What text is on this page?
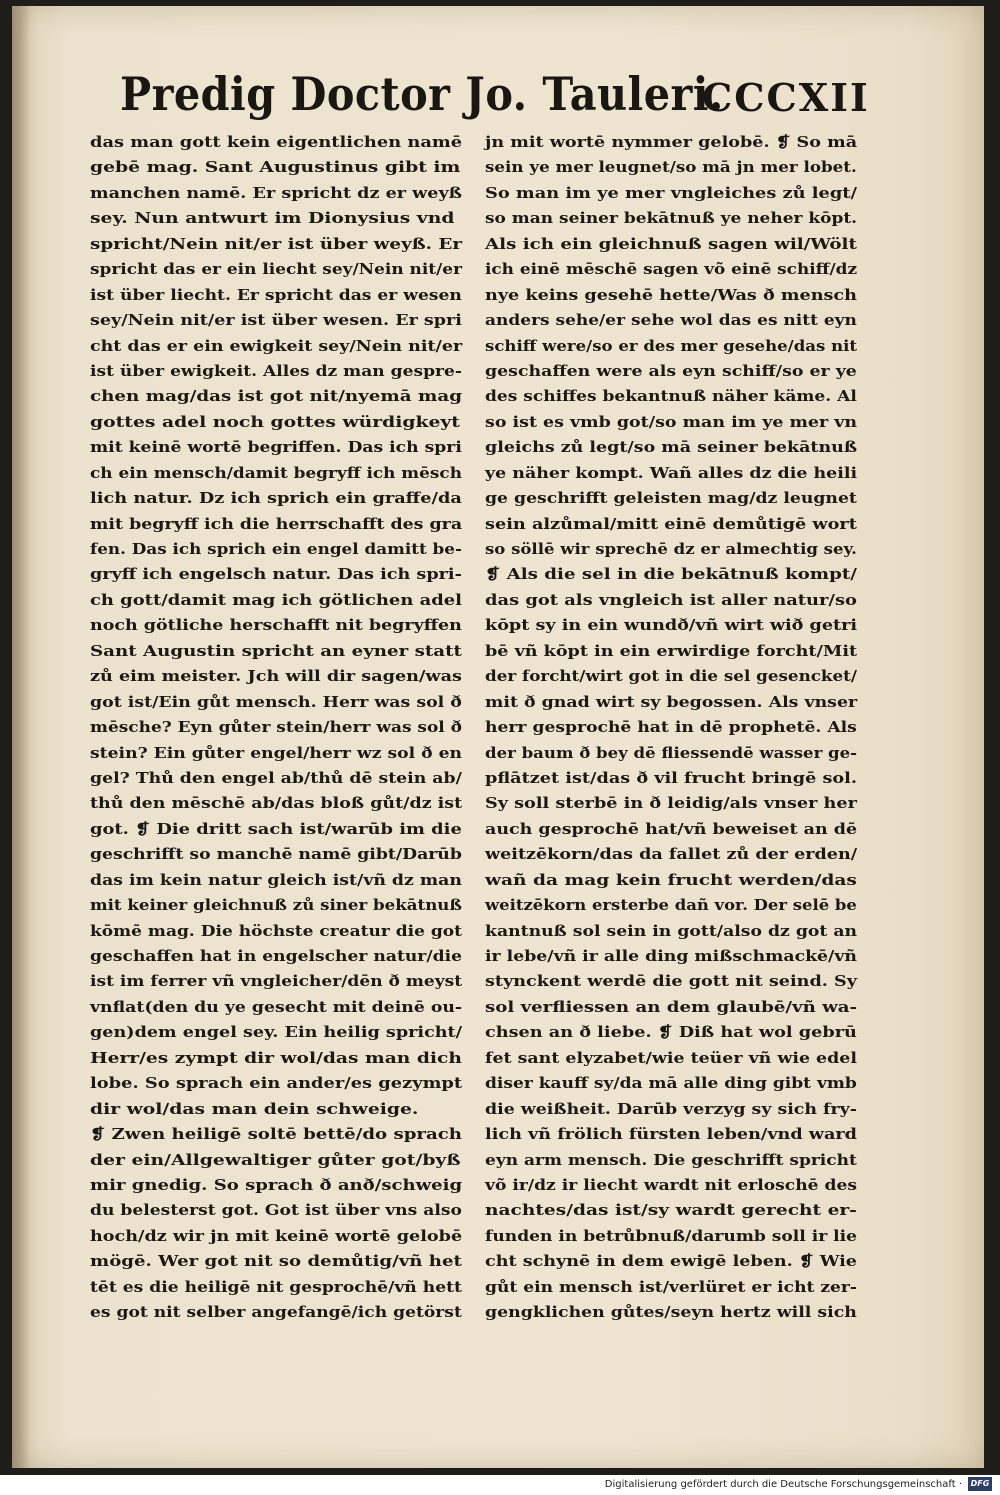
Predig Doctor Jo. Tauleri.
CCCXII
das man gott kein eigentlichen namē
gebē mag. Sant Augustinus gibt im
manchen namē. Er spricht dz er weyß
sey. Nun antwurt im Dionysius vnd
spricht/Nein nit/er ist über weyß. Er
spricht das er ein liecht sey/Nein nit/er
ist über liecht. Er spricht das er wesen
sey/Nein nit/er ist über wesen. Er spri
cht das er ein ewigkeit sey/Nein nit/er
ist über ewigkeit. Alles dz man gespre-
chen mag/das ist got nit/nyemā mag
gottes adel noch gottes würdigkeyt
mit keinē wortē begriffen. Das ich spri
ch ein mensch/damit begryff ich mēsch
lich natur. Dz ich sprich ein graffe/da
mit begryff ich die herrschafft des gra
fen. Das ich sprich ein engel damitt be-
gryff ich engelsch natur. Das ich spri-
ch gott/damit mag ich götlichen adel
noch götliche herschafft nit begryffen
Sant Augustin spricht an eyner statt
zů eim meister. Jch will dir sagen/was
got ist/Ein gůt mensch. Herr was sol ð
mēsche? Eyn gůter stein/herr was sol ð
stein? Ein gůter engel/herr wz sol ð en
gel? Thů den engel ab/thů dē stein ab/
thů den mēschē ab/das bloß gůt/dz ist
got. ❡ Die dritt sach ist/warūb im die
geschrifft so manchē namē gibt/Darūb
das im kein natur gleich ist/vñ dz man
mit keiner gleichnuß zů siner bekātnuß
kōmē mag. Die höchste creatur die got
geschaffen hat in engelscher natur/die
ist im ferrer vñ vngleicher/dēn ð meyst
vnflat(den du ye gesecht mit deinē ou-
gen)dem engel sey. Ein heilig spricht/
Herr/es zympt dir wol/das man dich
lobe. So sprach ein ander/es gezympt
dir wol/das man dein schweige.
❡ Zwen heiligē soltē bettē/do sprach
der ein/Allgewaltiger gůter got/byß
mir gnedig. So sprach ð anð/schweig
du belesterst got. Got ist über vns also
hoch/dz wir jn mit keinē wortē gelobē
mögē. Wer got nit so demůtig/vñ het
tēt es die heiligē nit gesprochē/vñ hett
es got nit selber angefangē/ich getörst
jn mit wortē nymmer gelobē. ❡ So mā
sein ye mer leugnet/so mā jn mer lobet.
So man im ye mer vngleiches zů legt/
so man seiner bekātnuß ye neher kōpt.
Als ich ein gleichnuß sagen wil/Wölt
ich einē mēschē sagen võ einē schiff/dz
nye keins gesehē hette/Was ð mensch
anders sehe/er sehe wol das es nitt eyn
schiff were/so er des mer gesehe/das nit
geschaffen were als eyn schiff/so er ye
des schiffes bekantnuß näher käme. Al
so ist es vmb got/so man im ye mer vn
gleichs zů legt/so mā seiner bekātnuß
ye näher kompt. Wañ alles dz die heili
ge geschrifft geleisten mag/dz leugnet
sein alzůmal/mitt einē demůtigē wort
so söllē wir sprechē dz er almechtig sey.
❡ Als die sel in die bekātnuß kompt/
das got als vngleich ist aller natur/so
kōpt sy in ein wundð/vñ wirt wið getri
bē vñ kōpt in ein erwirdige forcht/Mit
der forcht/wirt got in die sel gesencket/
mit ð gnad wirt sy begossen. Als vnser
herr gesprochē hat in dē prophetē. Als
der baum ð bey dē fliessendē wasser ge-
pflātzet ist/das ð vil frucht bringē sol.
Sy soll sterbē in ð leidig/als vnser her
auch gesprochē hat/vñ beweiset an dē
weitzēkorn/das da fallet zů der erden/
wañ da mag kein frucht werden/das
weitzēkorn ersterbe dañ vor. Der selē be
kantnuß sol sein in gott/also dz got an
ir lebe/vñ ir alle ding mißschmackē/vñ
stynckent werdē die gott nit seind. Sy
sol verfliessen an dem glaubē/vñ wa-
chsen an ð liebe. ❡ Diß hat wol gebrū
fet sant elyzabet/wie teüer vñ wie edel
diser kauff sy/da mā alle ding gibt vmb
die weißheit. Darūb verzyg sy sich fry-
lich vñ frölich fürsten leben/vnd ward
eyn arm mensch. Die geschrifft spricht
võ ir/dz ir liecht wardt nit erloschē des
nachtes/das ist/sy wardt gerecht er-
funden in betrůbnuß/darumb soll ir lie
cht schynē in dem ewigē leben. ❡ Wie
gůt ein mensch ist/verlüret er icht zer-
gengklichen gůtes/seyn hertz will sich
Digitalisierung gefördert durch die Deutsche Forschungsgemeinschaft ·	DFG
